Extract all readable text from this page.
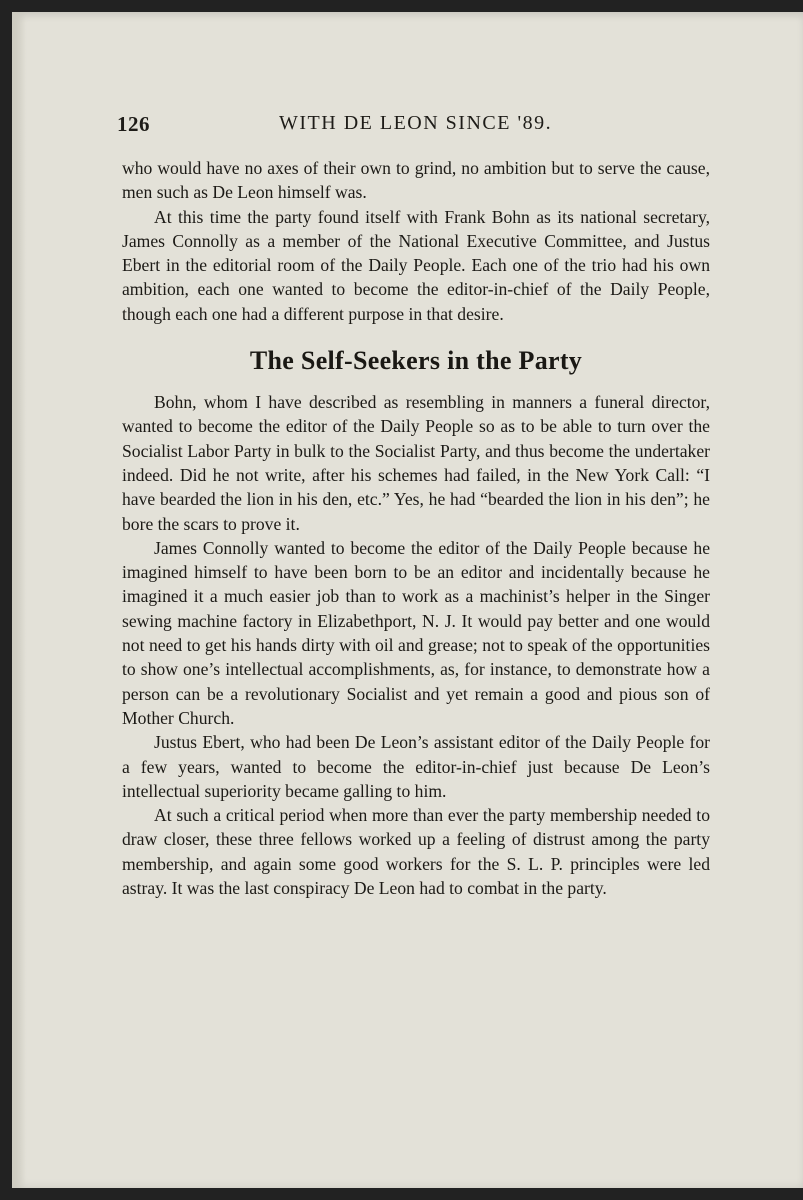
126	WITH DE LEON SINCE '89.

who would have no axes of their own to grind, no ambition but to serve the cause, men such as De Leon himself was.

At this time the party found itself with Frank Bohn as its national secretary, James Connolly as a member of the National Executive Committee, and Justus Ebert in the editorial room of the Daily People. Each one of the trio had his own ambition, each one wanted to become the editor-in-chief of the Daily People, though each one had a different purpose in that desire.

The Self-Seekers in the Party

Bohn, whom I have described as resembling in manners a funeral director, wanted to become the editor of the Daily People so as to be able to turn over the Socialist Labor Party in bulk to the Socialist Party, and thus become the undertaker indeed. Did he not write, after his schemes had failed, in the New York Call: “I have bearded the lion in his den, etc.” Yes, he had “bearded the lion in his den”; he bore the scars to prove it.

James Connolly wanted to become the editor of the Daily People because he imagined himself to have been born to be an editor and incidentally because he imagined it a much easier job than to work as a machinist’s helper in the Singer sewing machine factory in Elizabethport, N. J. It would pay better and one would not need to get his hands dirty with oil and grease; not to speak of the opportunities to show one’s intellectual accomplishments, as, for instance, to demonstrate how a person can be a revolutionary Socialist and yet remain a good and pious son of Mother Church.

Justus Ebert, who had been De Leon’s assistant editor of the Daily People for a few years, wanted to become the editor-in-chief just because De Leon’s intellectual superiority became galling to him.

At such a critical period when more than ever the party membership needed to draw closer, these three fellows worked up a feeling of distrust among the party membership, and again some good workers for the S. L. P. principles were led astray. It was the last conspiracy De Leon had to combat in the party.
